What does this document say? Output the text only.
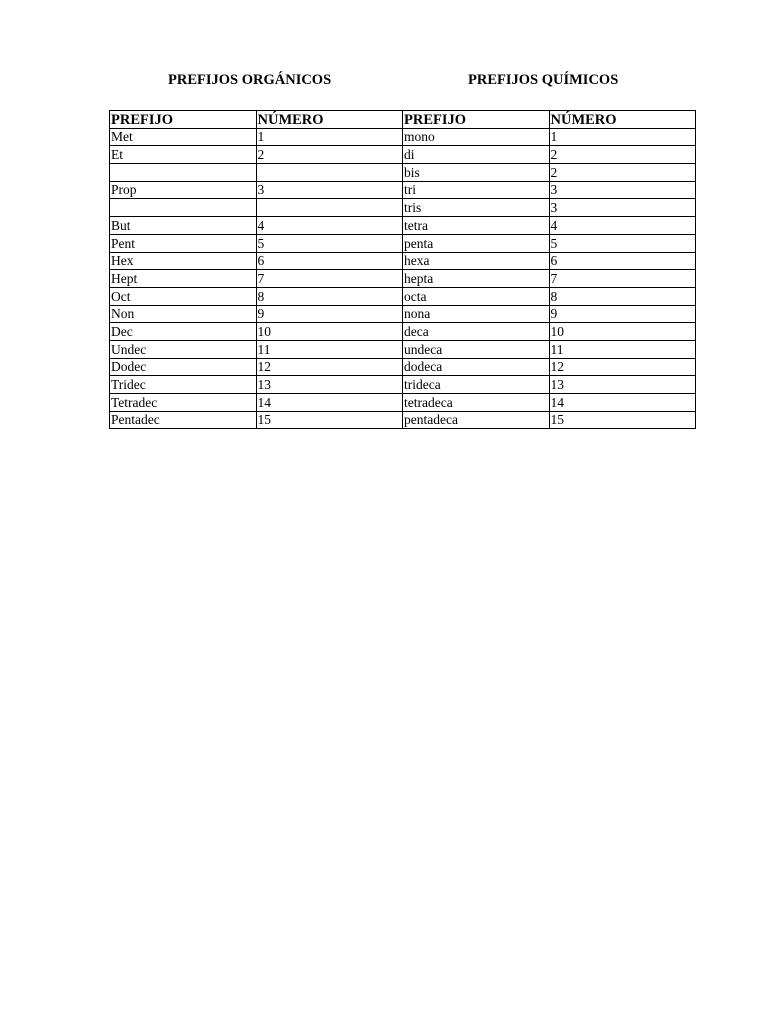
PREFIJOS ORGÁNICOS	PREFIJOS QUÍMICOS
PREFIJO	NÚMERO	PREFIJO	NÚMERO
Met	1	mono	1
Et	2	di	2
		bis	2
Prop	3	tri	3
		tris	3
But	4	tetra	4
Pent	5	penta	5
Hex	6	hexa	6
Hept	7	hepta	7
Oct	8	octa	8
Non	9	nona	9
Dec	10	deca	10
Undec	11	undeca	11
Dodec	12	dodeca	12
Tridec	13	trideca	13
Tetradec	14	tetradeca	14
Pentadec	15	pentadeca	15
